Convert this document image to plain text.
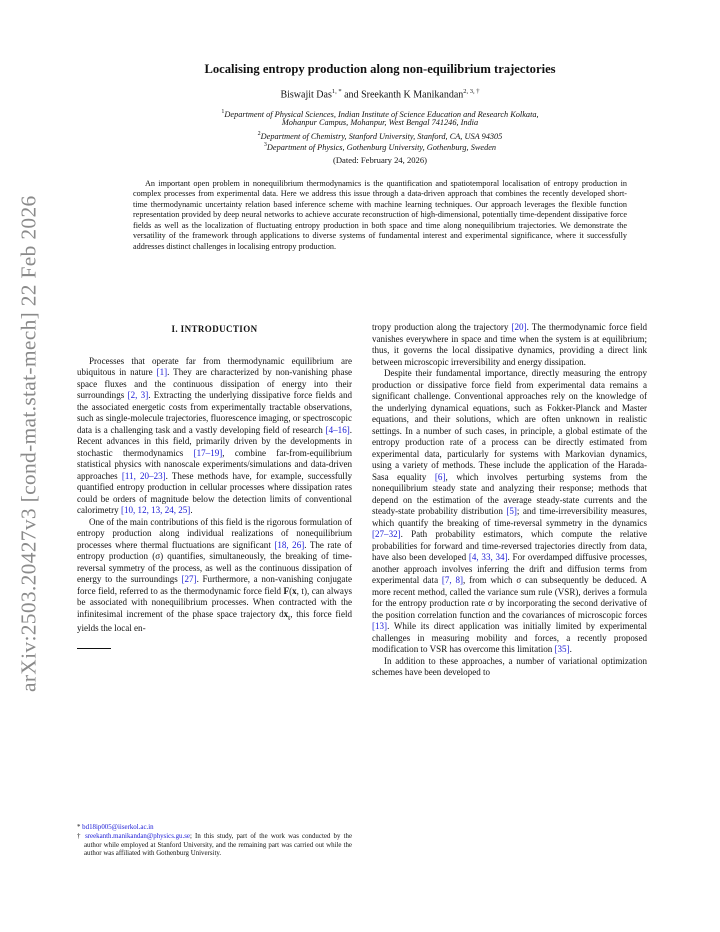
arXiv:2503.20427v3 [cond-mat.stat-mech] 22 Feb 2026
Localising entropy production along non-equilibrium trajectories
Biswajit Das$^{1, *}$ and Sreekanth K Manikandan$^{2, 3, \dagger}$
$^1$Department of Physical Sciences, Indian Institute of Science Education and Research Kolkata,
Mohanpur Campus, Mohanpur, West Bengal 741246, India
$^2$Department of Chemistry, Stanford University, Stanford, CA, USA 94305
$^3$Department of Physics, Gothenburg University, Gothenburg, Sweden
(Dated: February 24, 2026)
An important open problem in nonequilibrium thermodynamics is the quantification and spatiotemporal localisation of entropy production in complex processes from experimental data. Here we address this issue through a data-driven approach that combines the recently developed short-time thermodynamic uncertainty relation based inference scheme with machine learning techniques. Our approach leverages the flexible function representation provided by deep neural networks to achieve accurate reconstruction of high-dimensional, potentially time-dependent dissipative force fields as well as the localization of fluctuating entropy production in both space and time along nonequilibrium trajectories. We demonstrate the versatility of the framework through applications to diverse systems of fundamental interest and experimental significance, where it successfully addresses distinct challenges in localising entropy production.
I. INTRODUCTION

Processes that operate far from thermodynamic equilibrium are ubiquitous in nature [1]. They are characterized by non-vanishing phase space fluxes and the continuous dissipation of energy into their surroundings [2, 3]. Extracting the underlying dissipative force fields and the associated energetic costs from experimentally tractable observations, such as single-molecule trajectories, fluorescence imaging, or spectroscopic data is a challenging task and a vastly developing field of research [4–16]. Recent advances in this field, primarily driven by the developments in stochastic thermodynamics [17–19], combine far-from-equilibrium statistical physics with nanoscale experiments/simulations and data-driven approaches [11, 20–23]. These methods have, for example, successfully quantified entropy production in cellular processes where dissipation rates could be orders of magnitude below the detection limits of conventional calorimetry [10, 12, 13, 24, 25].

One of the main contributions of this field is the rigorous formulation of entropy production along individual realizations of nonequilibrium processes where thermal fluctuations are significant [18, 26]. The rate of entropy production (σ) quantifies, simultaneously, the breaking of time-reversal symmetry of the process, as well as the continuous dissipation of energy to the surroundings [27]. Furthermore, a non-vanishing conjugate force field, referred to as the thermodynamic force field F(x, t), can always be associated with nonequilibrium processes. When contracted with the infinitesimal increment of the phase space trajectory $dx_t$, this force field yields the local en-

* bd18ip005@iiserkol.ac.in
† sreekanth.manikandan@physics.gu.se; In this study, part of the work was conducted by the author while employed at Stanford University, and the remaining part was carried out while the author was affiliated with Gothenburg University.

tropy production along the trajectory [20]. The thermodynamic force field vanishes everywhere in space and time when the system is at equilibrium; thus, it governs the local dissipative dynamics, providing a direct link between microscopic irreversibility and energy dissipation.

Despite their fundamental importance, directly measuring the entropy production or dissipative force field from experimental data remains a significant challenge. Conventional approaches rely on the knowledge of the underlying dynamical equations, such as Fokker-Planck and Master equations, and their solutions, which are often unknown in realistic settings. In a number of such cases, in principle, a global estimate of the entropy production rate of a process can be directly estimated from experimental data, particularly for systems with Markovian dynamics, using a variety of methods. These include the application of the Harada-Sasa equality [6], which involves perturbing systems from the nonequilibrium steady state and analyzing their response; methods that depend on the estimation of the average steady-state currents and the steady-state probability distribution [5]; and time-irreversibility measures, which quantify the breaking of time-reversal symmetry in the dynamics [27–32]. Path probability estimators, which compute the relative probabilities for forward and time-reversed trajectories directly from data, have also been developed [4, 33, 34]. For overdamped diffusive processes, another approach involves inferring the drift and diffusion terms from experimental data [7, 8], from which σ can subsequently be deduced. A more recent method, called the variance sum rule (VSR), derives a formula for the entropy production rate σ by incorporating the second derivative of the position correlation function and the covariances of microscopic forces [13]. While its direct application was initially limited by experimental challenges in measuring mobility and forces, a recently proposed modification to VSR has overcome this limitation [35].

In addition to these approaches, a number of variational optimization schemes have been developed to
